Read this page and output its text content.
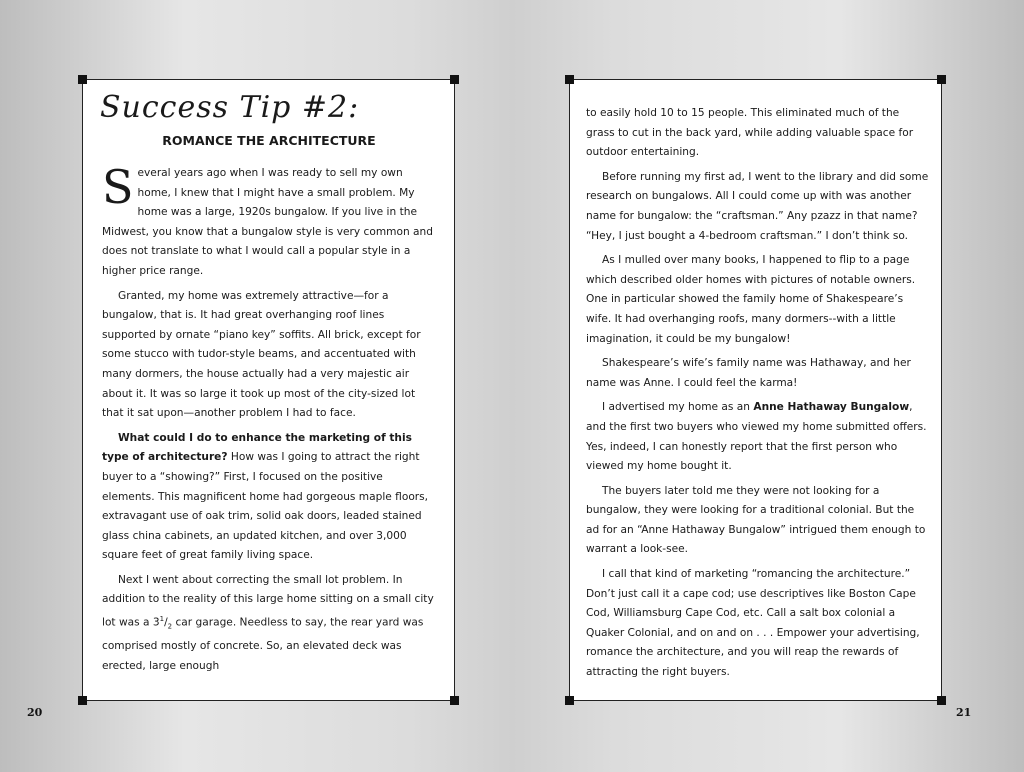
Success Tip #2:
ROMANCE THE ARCHITECTURE

Several years ago when I was ready to sell my own home, I knew that I might have a small problem. My home was a large, 1920s bungalow. If you live in the Midwest, you know that a bungalow style is very common and does not translate to what I would call a popular style in a higher price range.

Granted, my home was extremely attractive—for a bungalow, that is. It had great overhanging roof lines supported by ornate “piano key” soffits. All brick, except for some stucco with tudor-style beams, and accentuated with many dormers, the house actually had a very majestic air about it. It was so large it took up most of the city-sized lot that it sat upon—another problem I had to face.

What could I do to enhance the marketing of this type of architecture? How was I going to attract the right buyer to a “showing?” First, I focused on the positive elements. This magnificent home had gorgeous maple floors, extravagant use of oak trim, solid oak doors, leaded stained glass china cabinets, an updated kitchen, and over 3,000 square feet of great family living space.

Next I went about correcting the small lot problem. In addition to the reality of this large home sitting on a small city lot was a $3^1/_2$ car garage. Needless to say, the rear yard was comprised mostly of concrete. So, an elevated deck was erected, large enough

to easily hold 10 to 15 people. This eliminated much of the grass to cut in the back yard, while adding valuable space for outdoor entertaining.

Before running my first ad, I went to the library and did some research on bungalows. All I could come up with was another name for bungalow: the “craftsman.” Any pzazz in that name? “Hey, I just bought a 4-bedroom craftsman.” I don’t think so.

As I mulled over many books, I happened to flip to a page which described older homes with pictures of notable owners. One in particular showed the family home of Shakespeare’s wife. It had overhanging roofs, many dormers--with a little imagination, it could be my bungalow!

Shakespeare’s wife’s family name was Hathaway, and her name was Anne. I could feel the karma!

I advertised my home as an Anne Hathaway Bungalow, and the first two buyers who viewed my home submitted offers. Yes, indeed, I can honestly report that the first person who viewed my home bought it.

The buyers later told me they were not looking for a bungalow, they were looking for a traditional colonial. But the ad for an “Anne Hathaway Bungalow” intrigued them enough to warrant a look-see.

I call that kind of marketing “romancing the architecture.” Don’t just call it a cape cod; use descriptives like Boston Cape Cod, Williamsburg Cape Cod, etc. Call a salt box colonial a Quaker Colonial, and on and on . . . Empower your advertising, romance the architecture, and you will reap the rewards of attracting the right buyers.

20	21
